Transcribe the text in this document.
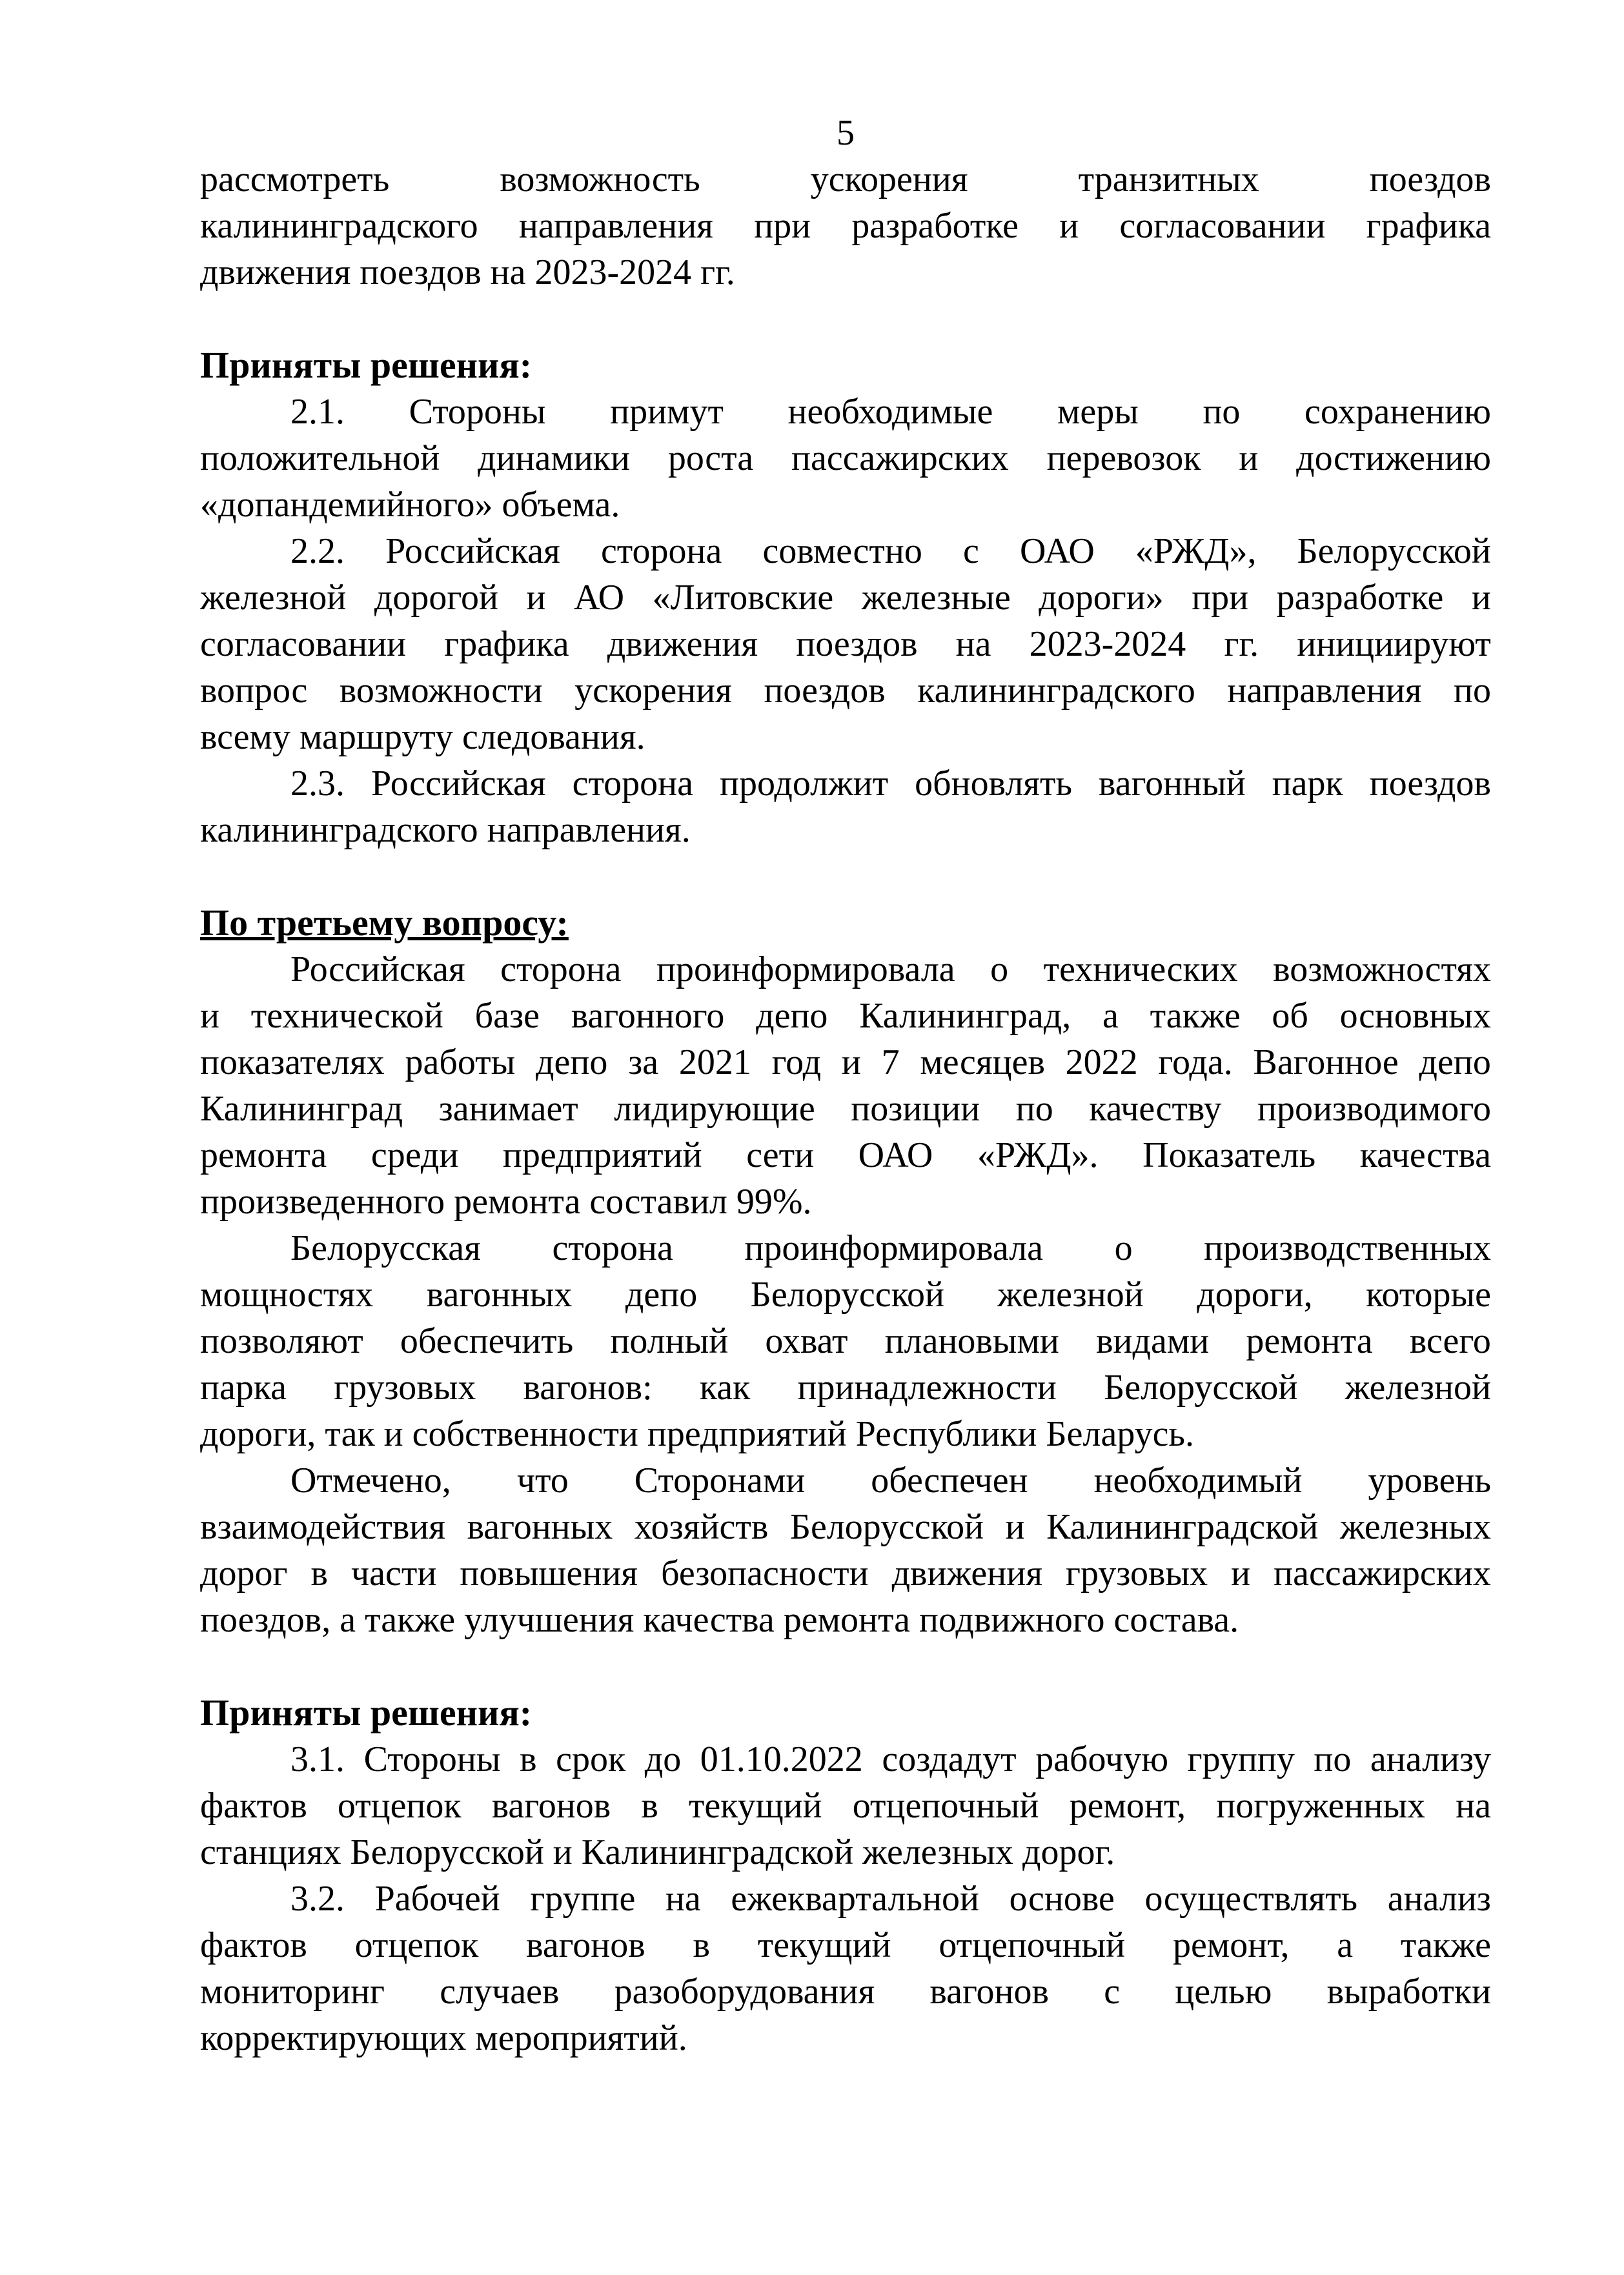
5
рассмотреть	возможность	ускорения	транзитных	поездов
калининградского направления при разработке и согласовании графика
движения поездов на 2023-2024 гг.
Приняты решения:
2.1. Стороны примут необходимые меры по сохранению
положительной динамики роста пассажирских перевозок и достижению
«допандемийного» объема.
2.2. Российская сторона совместно с ОАО «РЖД», Белорусской
железной дорогой и АО «Литовские железные дороги» при разработке и
согласовании графика движения поездов на 2023-2024 гг. инициируют
вопрос возможности ускорения поездов калининградского направления по
всему маршруту следования.
2.3. Российская сторона продолжит обновлять вагонный парк поездов
калининградского направления.
По третьему вопросу:
Российская сторона проинформировала о технических возможностях
и технической базе вагонного депо Калининград, а также об основных
показателях работы депо за 2021 год и 7 месяцев 2022 года. Вагонное депо
Калининград занимает лидирующие позиции по качеству производимого
ремонта среди предприятий сети ОАО «РЖД». Показатель качества
произведенного ремонта составил 99%.
Белорусская сторона проинформировала о производственных
мощностях вагонных депо Белорусской железной дороги, которые
позволяют обеспечить полный охват плановыми видами ремонта всего
парка грузовых вагонов: как принадлежности Белорусской железной
дороги, так и собственности предприятий Республики Беларусь.
Отмечено, что Сторонами обеспечен необходимый уровень
взаимодействия вагонных хозяйств Белорусской и Калининградской железных
дорог в части повышения безопасности движения грузовых и пассажирских
поездов, а также улучшения качества ремонта подвижного состава.
Приняты решения:
3.1. Стороны в срок до 01.10.2022 создадут рабочую группу по анализу
фактов отцепок вагонов в текущий отцепочный ремонт, погруженных на
станциях Белорусской и Калининградской железных дорог.
3.2. Рабочей группе на ежеквартальной основе осуществлять анализ
фактов отцепок вагонов в текущий отцепочный ремонт, а также
мониторинг случаев разоборудования вагонов с целью выработки
корректирующих мероприятий.
